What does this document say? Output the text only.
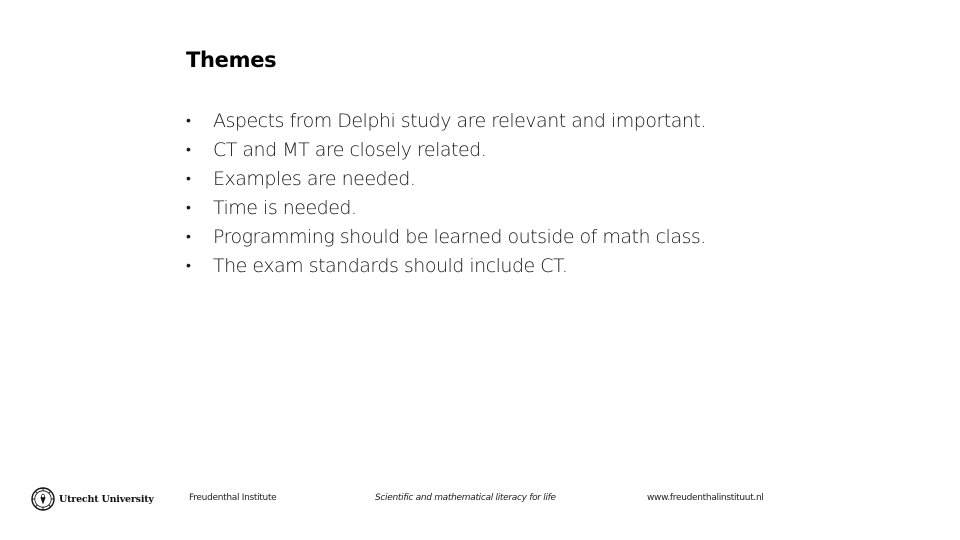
Themes
•	Aspects from Delphi study are relevant and important.
•	CT and MT are closely related.
•	Examples are needed.
•	Time is needed.
•	Programming should be learned outside of math class.
•	The exam standards should include CT.
Utrecht University	Freudenthal Institute	Scientific and mathematical literacy for life	www.freudenthalinstituut.nl
